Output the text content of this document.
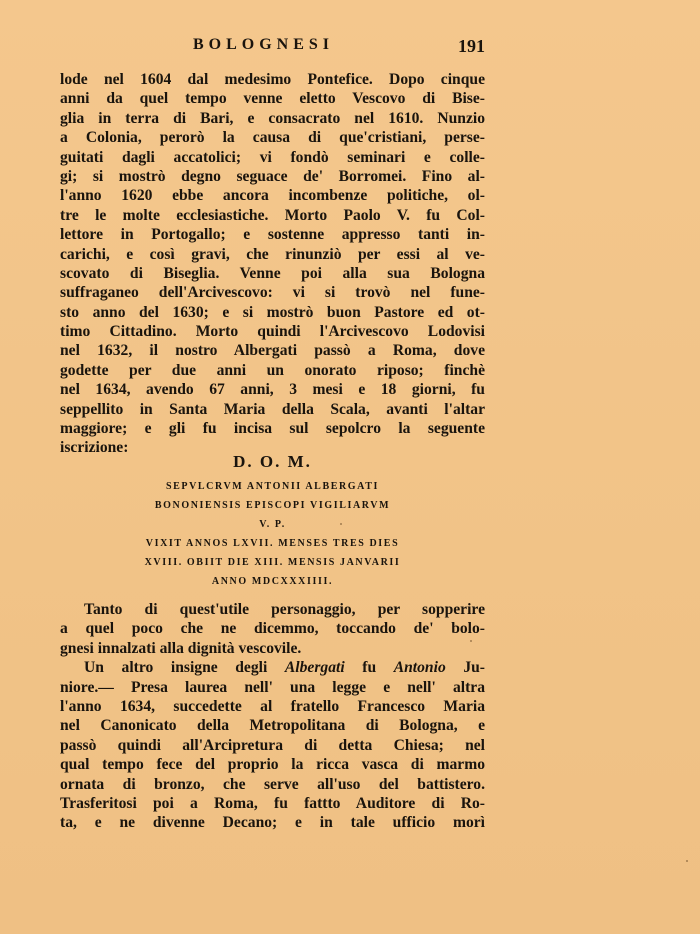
BOLOGNESI	191
lode nel 1604 dal medesimo Pontefice. Dopo cinque
anni da quel tempo venne eletto Vescovo di Bise-
glia in terra di Bari, e consacrato nel 1610. Nunzio
a Colonia, perorò la causa di que'cristiani, perse-
guitati dagli accatolici; vi fondò seminari e colle-
gi; si mostrò degno seguace de' Borromei. Fino al-
l'anno 1620 ebbe ancora incombenze politiche, ol-
tre le molte ecclesiastiche. Morto Paolo V. fu Col-
lettore in Portogallo; e sostenne appresso tanti in-
carichi, e così gravi, che rinunziò per essi al ve-
scovato di Biseglia. Venne poi alla sua Bologna
suffraganeo dell'Arcivescovo: vi si trovò nel fune-
sto anno del 1630; e si mostrò buon Pastore ed ot-
timo Cittadino. Morto quindi l'Arcivescovo Lodovisi
nel 1632, il nostro Albergati passò a Roma, dove
godette per due anni un onorato riposo; finchè
nel 1634, avendo 67 anni, 3 mesi e 18 giorni, fu
seppellito in Santa Maria della Scala, avanti l'altar
maggiore; e gli fu incisa sul sepolcro la seguente
iscrizione:
D. O. M.
SEPVLCRVM ANTONII ALBERGATI
BONONIENSIS EPISCOPI VIGILIARVM
V. P.
VIXIT ANNOS LXVII. MENSES TRES DIES
XVIII. OBIIT DIE XIII. MENSIS JANVARII
ANNO MDCXXXIIII.
Tanto di quest'utile personaggio, per sopperire
a quel poco che ne dicemmo, toccando de' bolo-
gnesi innalzati alla dignità vescovile.
Un altro insigne degli Albergati fu Antonio Ju-
niore.— Presa laurea nell' una legge e nell' altra
l'anno 1634, succedette al fratello Francesco Maria
nel Canonicato della Metropolitana di Bologna, e
passò quindi all'Arcipretura di detta Chiesa; nel
qual tempo fece del proprio la ricca vasca di marmo
ornata di bronzo, che serve all'uso del battistero.
Trasferitosi poi a Roma, fu fattto Auditore di Ro-
ta, e ne divenne Decano; e in tale ufficio morì
